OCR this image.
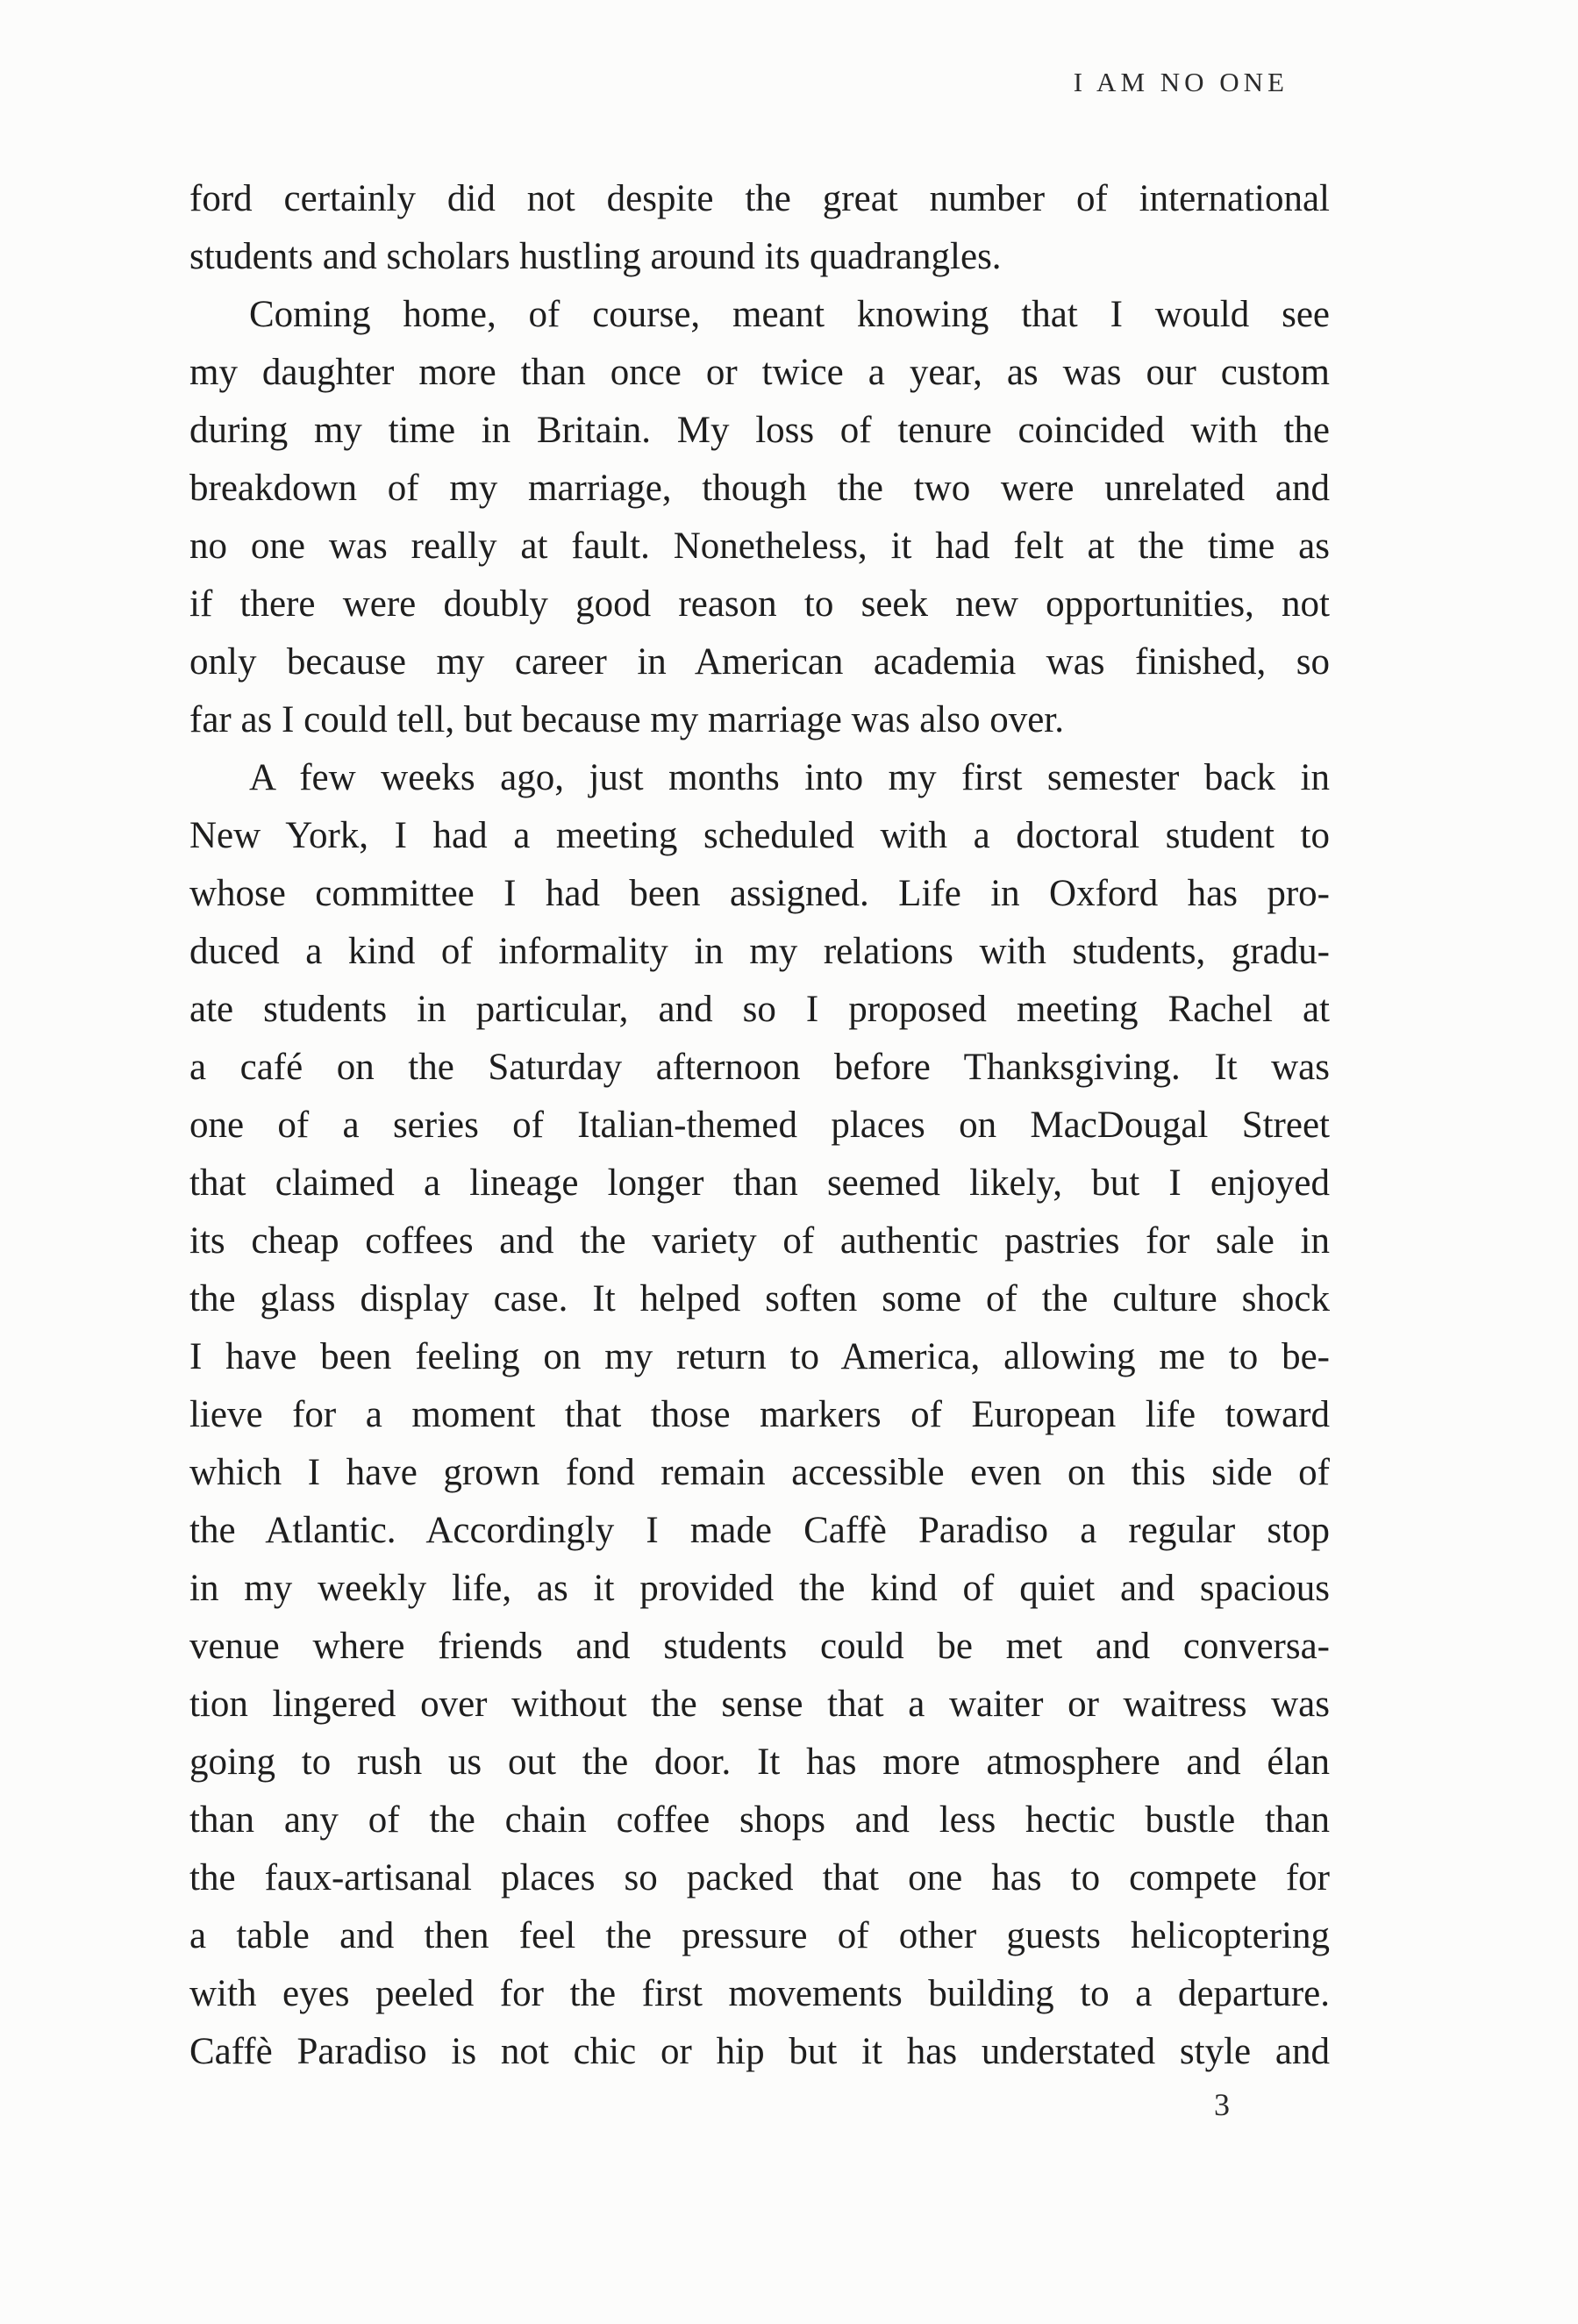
I AM NO ONE
ford certainly did not despite the great number of international
students and scholars hustling around its quadrangles.
Coming home, of course, meant knowing that I would see
my daughter more than once or twice a year, as was our custom
during my time in Britain. My loss of tenure coincided with the
breakdown of my marriage, though the two were unrelated and
no one was really at fault. Nonetheless, it had felt at the time as
if there were doubly good reason to seek new opportunities, not
only because my career in American academia was finished, so
far as I could tell, but because my marriage was also over.
A few weeks ago, just months into my first semester back in
New York, I had a meeting scheduled with a doctoral student to
whose committee I had been assigned. Life in Oxford has pro-
duced a kind of informality in my relations with students, gradu-
ate students in particular, and so I proposed meeting Rachel at
a café on the Saturday afternoon before Thanksgiving. It was
one of a series of Italian-themed places on MacDougal Street
that claimed a lineage longer than seemed likely, but I enjoyed
its cheap coffees and the variety of authentic pastries for sale in
the glass display case. It helped soften some of the culture shock
I have been feeling on my return to America, allowing me to be-
lieve for a moment that those markers of European life toward
which I have grown fond remain accessible even on this side of
the Atlantic. Accordingly I made Caffè Paradiso a regular stop
in my weekly life, as it provided the kind of quiet and spacious
venue where friends and students could be met and conversa-
tion lingered over without the sense that a waiter or waitress was
going to rush us out the door. It has more atmosphere and élan
than any of the chain coffee shops and less hectic bustle than
the faux-artisanal places so packed that one has to compete for
a table and then feel the pressure of other guests helicoptering
with eyes peeled for the first movements building to a departure.
Caffè Paradiso is not chic or hip but it has understated style and
3
